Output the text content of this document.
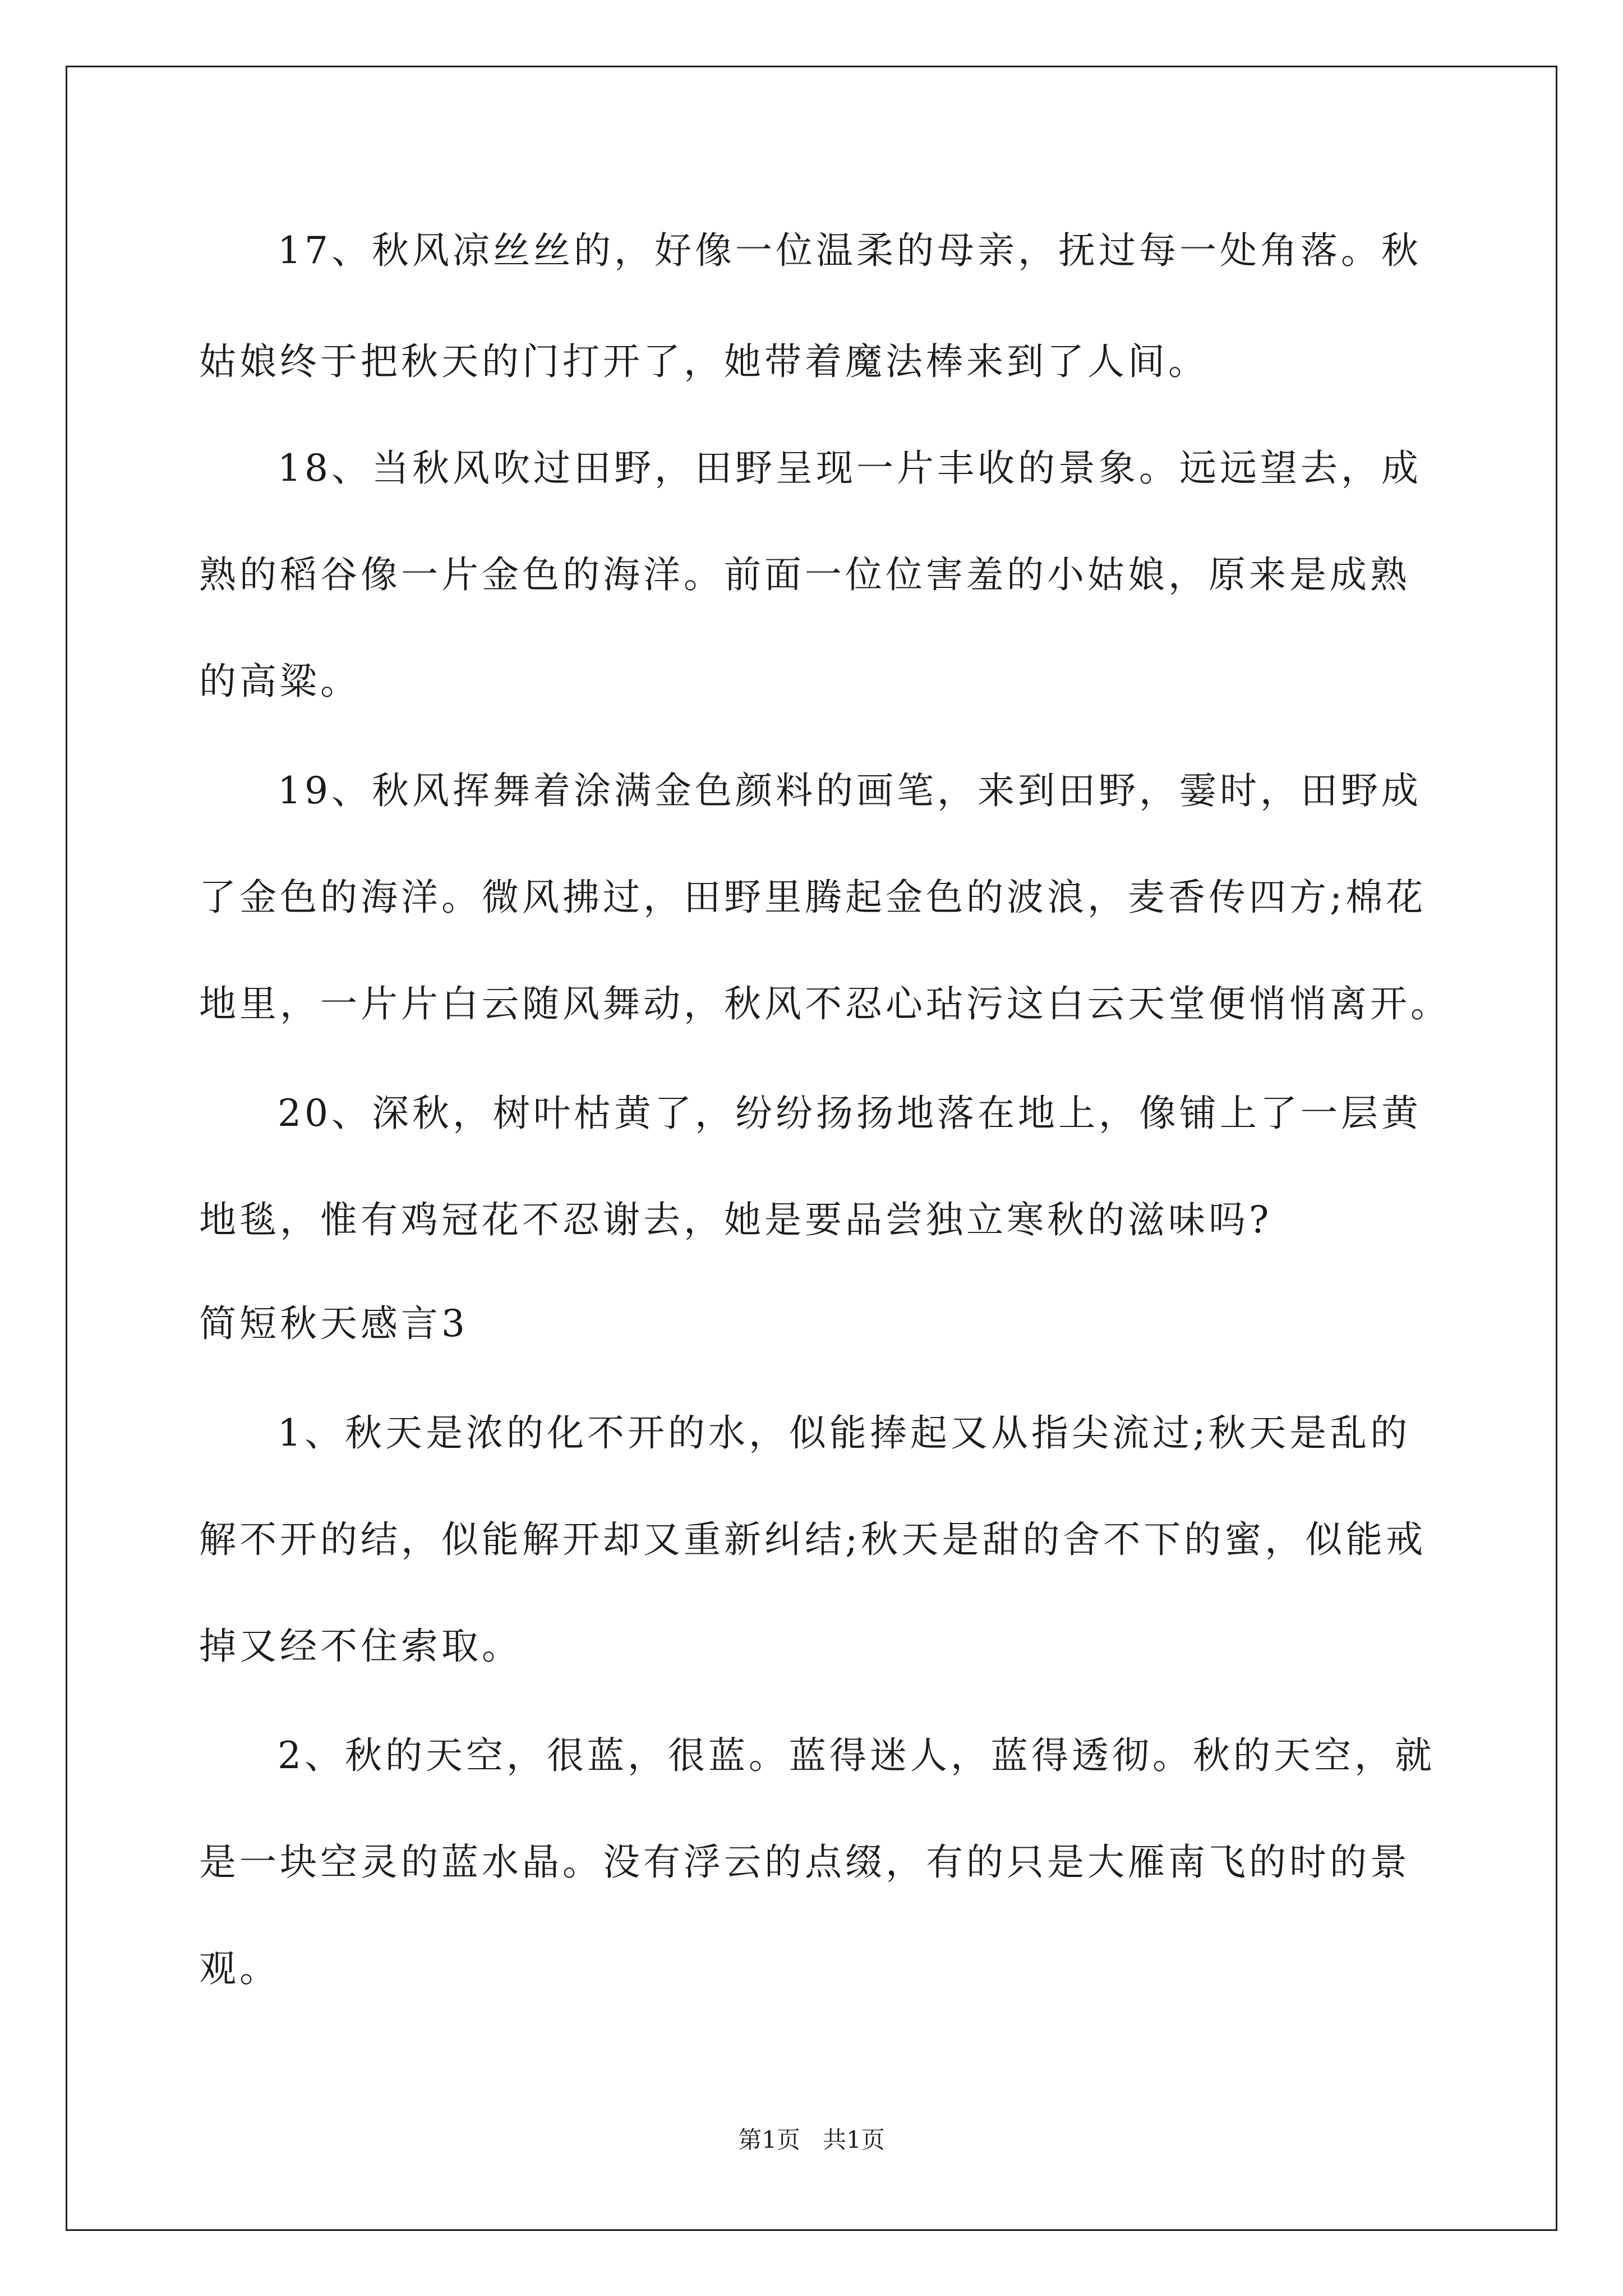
17、秋风凉丝丝的，好像一位温柔的母亲，抚过每一处角落。秋
姑娘终于把秋天的门打开了，她带着魔法棒来到了人间。
18、当秋风吹过田野，田野呈现一片丰收的景象。远远望去，成
熟的稻谷像一片金色的海洋。前面一位位害羞的小姑娘，原来是成熟
的高粱。
19、秋风挥舞着涂满金色颜料的画笔，来到田野，霎时，田野成
了金色的海洋。微风拂过，田野里腾起金色的波浪，麦香传四方;棉花
地里，一片片白云随风舞动，秋风不忍心玷污这白云天堂便悄悄离开。
20、深秋，树叶枯黄了，纷纷扬扬地落在地上，像铺上了一层黄
地毯，惟有鸡冠花不忍谢去，她是要品尝独立寒秋的滋味吗?
简短秋天感言3
1、秋天是浓的化不开的水，似能捧起又从指尖流过;秋天是乱的
解不开的结，似能解开却又重新纠结;秋天是甜的舍不下的蜜，似能戒
掉又经不住索取。
2、秋的天空，很蓝，很蓝。蓝得迷人，蓝得透彻。秋的天空，就
是一块空灵的蓝水晶。没有浮云的点缀，有的只是大雁南飞的时的景
观。
第1页   共1页
